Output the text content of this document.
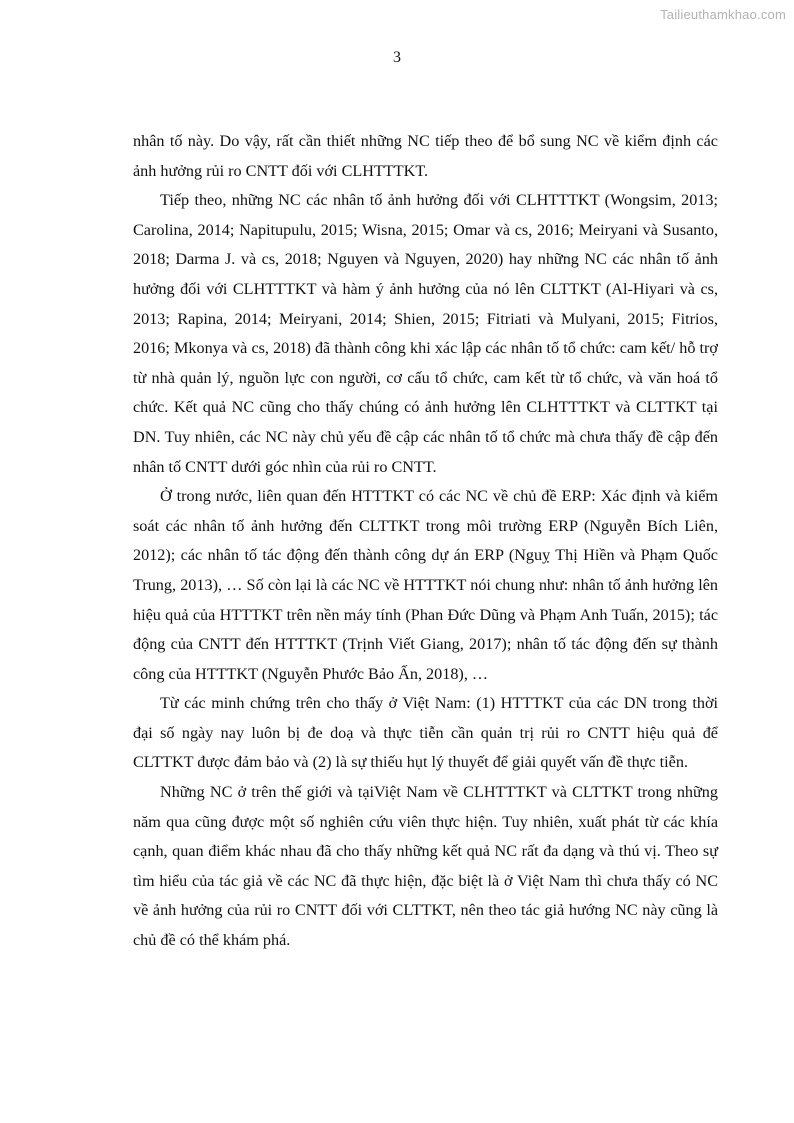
Tailieuthamkhao.com
3

nhân tố này. Do vậy, rất cần thiết những NC tiếp theo để bổ sung NC về kiểm định các ảnh hưởng rủi ro CNTT đối với CLHTTTKT.

Tiếp theo, những NC các nhân tố ảnh hưởng đối với CLHTTTKT (Wongsim, 2013; Carolina, 2014; Napitupulu, 2015; Wisna, 2015; Omar và cs, 2016; Meiryani và Susanto, 2018; Darma J. và cs, 2018; Nguyen và Nguyen, 2020) hay những NC các nhân tố ảnh hưởng đối với CLHTTTKT và hàm ý ảnh hưởng của nó lên CLTTKT (Al-Hiyari và cs, 2013; Rapina, 2014; Meiryani, 2014; Shien, 2015; Fitriati và Mulyani, 2015; Fitrios, 2016; Mkonya và cs, 2018) đã thành công khi xác lập các nhân tố tổ chức: cam kết/ hỗ trợ từ nhà quản lý, nguồn lực con người, cơ cấu tổ chức, cam kết từ tổ chức, và văn hoá tổ chức. Kết quả NC cũng cho thấy chúng có ảnh hưởng lên CLHTTTKT và CLTTKT tại DN. Tuy nhiên, các NC này chủ yếu đề cập các nhân tố tổ chức mà chưa thấy đề cập đến nhân tố CNTT dưới góc nhìn của rủi ro CNTT.

Ở trong nước, liên quan đến HTTTKT có các NC về chủ đề ERP: Xác định và kiểm soát các nhân tố ảnh hưởng đến CLTTKT trong môi trường ERP (Nguyễn Bích Liên, 2012); các nhân tố tác động đến thành công dự án ERP (Nguỵ Thị Hiền và Phạm Quốc Trung, 2013), … Số còn lại là các NC về HTTTKT nói chung như: nhân tố ảnh hưởng lên hiệu quả của HTTTKT trên nền máy tính (Phan Đức Dũng và Phạm Anh Tuấn, 2015); tác động của CNTT đến HTTTKT (Trịnh Viết Giang, 2017); nhân tố tác động đến sự thành công của HTTTKT (Nguyễn Phước Bảo Ấn, 2018), …

Từ các minh chứng trên cho thấy ở Việt Nam: (1) HTTTKT của các DN trong thời đại số ngày nay luôn bị đe doạ và thực tiễn cần quản trị rủi ro CNTT hiệu quả để CLTTKT được đảm bảo và (2) là sự thiếu hụt lý thuyết để giải quyết vấn đề thực tiễn.

Những NC ở trên thế giới và tạiViệt Nam về CLHTTTKT và CLTTKT trong những năm qua cũng được một số nghiên cứu viên thực hiện. Tuy nhiên, xuất phát từ các khía cạnh, quan điểm khác nhau đã cho thấy những kết quả NC rất đa dạng và thú vị. Theo sự tìm hiểu của tác giả về các NC đã thực hiện, đặc biệt là ở Việt Nam thì chưa thấy có NC về ảnh hưởng của rủi ro CNTT đối với CLTTKT, nên theo tác giả hướng NC này cũng là chủ đề có thể khám phá.
